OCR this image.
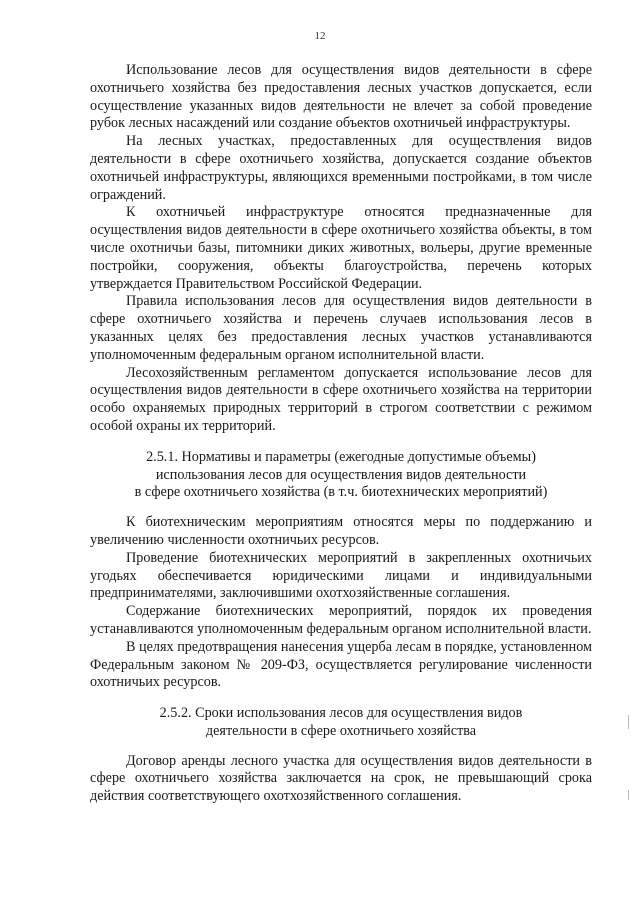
12

Использование лесов для осуществления видов деятельности в сфере охотничьего хозяйства без предоставления лесных участков допускается, если осуществление указанных видов деятельности не влечет за собой проведение рубок лесных насаждений или создание объектов охотничьей инфраструктуры.

На лесных участках, предоставленных для осуществления видов деятельности в сфере охотничьего хозяйства, допускается создание объектов охотничьей инфраструктуры, являющихся временными постройками, в том числе ограждений.

К охотничьей инфраструктуре относятся предназначенные для осуществления видов деятельности в сфере охотничьего хозяйства объекты, в том числе охотничьи базы, питомники диких животных, вольеры, другие временные постройки, сооружения, объекты благоустройства, перечень которых утверждается Правительством Российской Федерации.

Правила использования лесов для осуществления видов деятельности в сфере охотничьего хозяйства и перечень случаев использования лесов в указанных целях без предоставления лесных участков устанавливаются уполномоченным федеральным органом исполнительной власти.

Лесохозяйственным регламентом допускается использование лесов для осуществления видов деятельности в сфере охотничьего хозяйства на территории особо охраняемых природных территорий в строгом соответствии с режимом особой охраны их территорий.

2.5.1. Нормативы и параметры (ежегодные допустимые объемы)
использования лесов для осуществления видов деятельности
в сфере охотничьего хозяйства (в т.ч. биотехнических мероприятий)

К биотехническим мероприятиям относятся меры по поддержанию и увеличению численности охотничьих ресурсов.

Проведение биотехнических мероприятий в закрепленных охотничьих угодьях обеспечивается юридическими лицами и индивидуальными предпринимателями, заключившими охотхозяйственные соглашения.

Содержание биотехнических мероприятий, порядок их проведения устанавливаются уполномоченным федеральным органом исполнительной власти.

В целях предотвращения нанесения ущерба лесам в порядке, установленном Федеральным законом № 209-ФЗ, осуществляется регулирование численности охотничьих ресурсов.

2.5.2. Сроки использования лесов для осуществления видов
деятельности в сфере охотничьего хозяйства

Договор аренды лесного участка для осуществления видов деятельности в сфере охотничьего хозяйства заключается на срок, не превышающий срока действия соответствующего охотхозяйственного соглашения.
